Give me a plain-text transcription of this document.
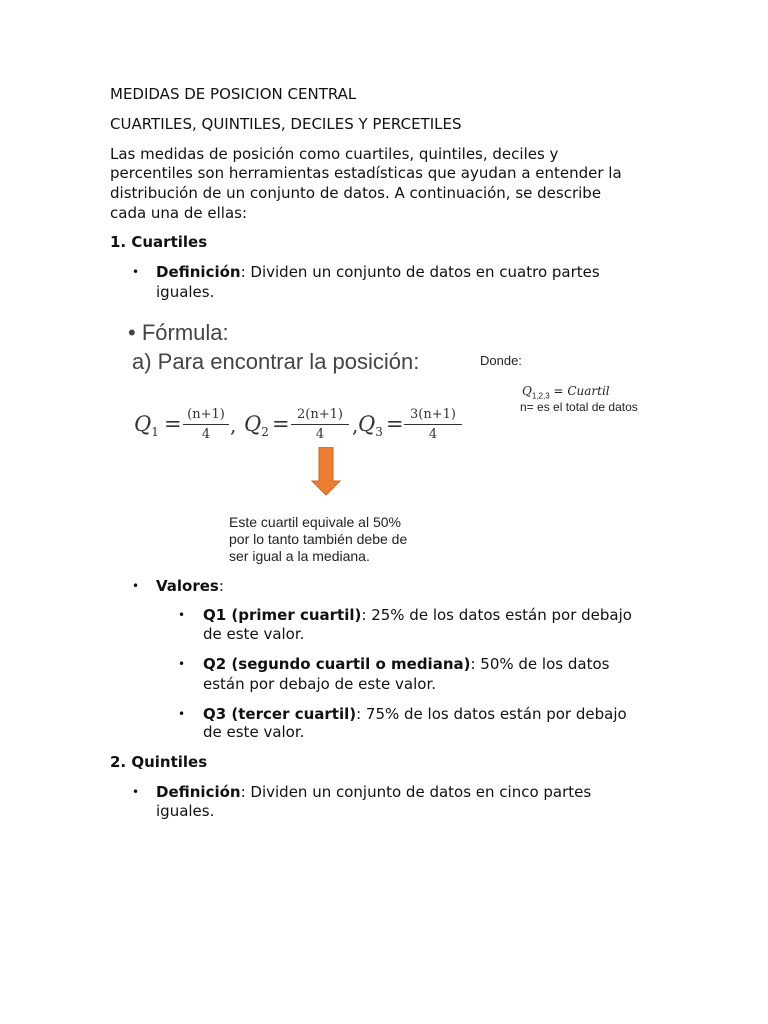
MEDIDAS DE POSICION CENTRAL
CUARTILES, QUINTILES, DECILES Y PERCETILES
Las medidas de posición como cuartiles, quintiles, deciles y
percentiles son herramientas estadísticas que ayudan a entender la
distribución de un conjunto de datos. A continuación, se describe
cada una de ellas:
1. Cuartiles
• Definición: Dividen un conjunto de datos en cuatro partes
iguales.
• Fórmula:
a) Para encontrar la posición:	Donde:
$Q_{1,2,3}$ = Cuartil
n= es el total de datos
$Q_1 = (n+1)$
4 , $Q_2 = 2(n+1)$
4	, $Q_3 = 3(n+1)$
4
Este cuartil equivale al 50%
por lo tanto también debe de
ser igual a la mediana.
• Valores:
• Q1 (primer cuartil): 25% de los datos están por debajo
de este valor.
• Q2 (segundo cuartil o mediana): 50% de los datos
están por debajo de este valor.
• Q3 (tercer cuartil): 75% de los datos están por debajo
de este valor.
2. Quintiles
• Definición: Dividen un conjunto de datos en cinco partes
iguales.
